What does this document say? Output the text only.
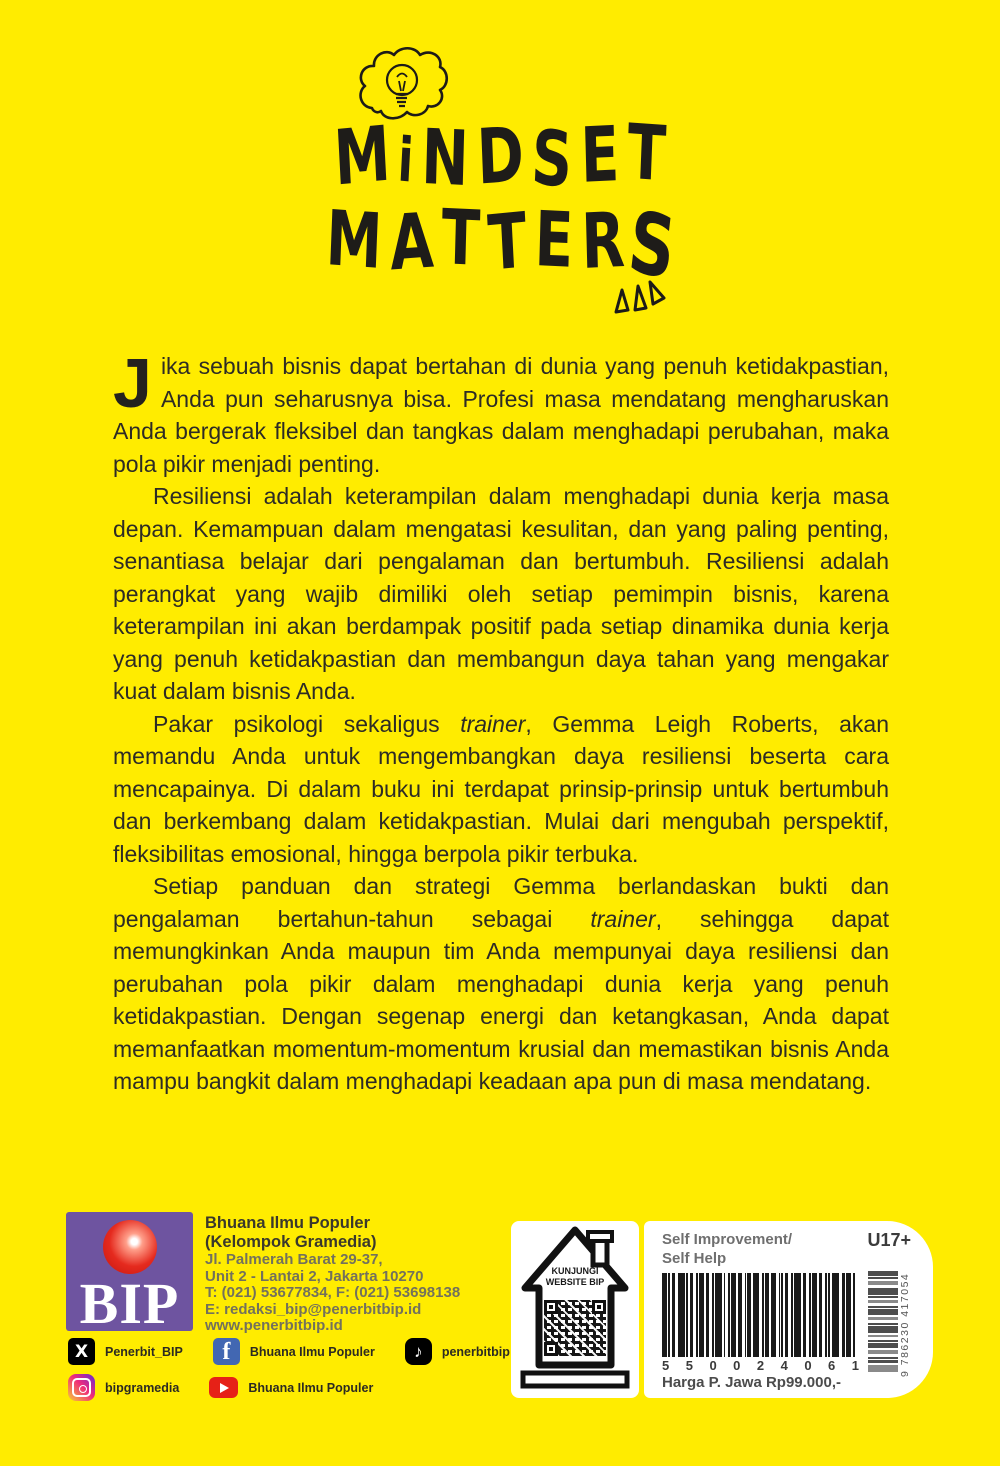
MiNDSET
MATTERS

Jika sebuah bisnis dapat bertahan di dunia yang penuh ketidakpastian, Anda pun seharusnya bisa. Profesi masa mendatang mengharuskan Anda bergerak fleksibel dan tangkas dalam menghadapi perubahan, maka pola pikir menjadi penting.

Resiliensi adalah keterampilan dalam menghadapi dunia kerja masa depan. Kemampuan dalam mengatasi kesulitan, dan yang paling penting, senantiasa belajar dari pengalaman dan bertumbuh. Resiliensi adalah perangkat yang wajib dimiliki oleh setiap pemimpin bisnis, karena keterampilan ini akan berdampak positif pada setiap dinamika dunia kerja yang penuh ketidakpastian dan membangun daya tahan yang mengakar kuat dalam bisnis Anda.

Pakar psikologi sekaligus trainer, Gemma Leigh Roberts, akan memandu Anda untuk mengembangkan daya resiliensi beserta cara mencapainya. Di dalam buku ini terdapat prinsip-prinsip untuk bertumbuh dan berkembang dalam ketidakpastian. Mulai dari mengubah perspektif, fleksibilitas emosional, hingga berpola pikir terbuka.

Setiap panduan dan strategi Gemma berlandaskan bukti dan pengalaman bertahun-tahun sebagai trainer, sehingga dapat memungkinkan Anda maupun tim Anda mempunyai daya resiliensi dan perubahan pola pikir dalam menghadapi dunia kerja yang penuh ketidakpastian. Dengan segenap energi dan ketangkasan, Anda dapat memanfaatkan momentum-momentum krusial dan memastikan bisnis Anda mampu bangkit dalam menghadapi keadaan apa pun di masa mendatang.

BIP
Bhuana Ilmu Populer
(Kelompok Gramedia)
Jl. Palmerah Barat 29-37,
Unit 2 - Lantai 2, Jakarta 10270
T: (021) 53677834, F: (021) 53698138
E: redaksi_bip@penerbitbip.id
www.penerbitbip.id
X	Penerbit_BIP	f	Bhuana Ilmu Populer	♪	penerbitbip
bipgramedia	Bhuana Ilmu Populer
KUNJUNGI
WEBSITE BIP
Self Improvement/
Self Help
U17+
5 5 0 0 2 4 0 6 1	9 786230 417054
Harga P. Jawa Rp99.000,-
